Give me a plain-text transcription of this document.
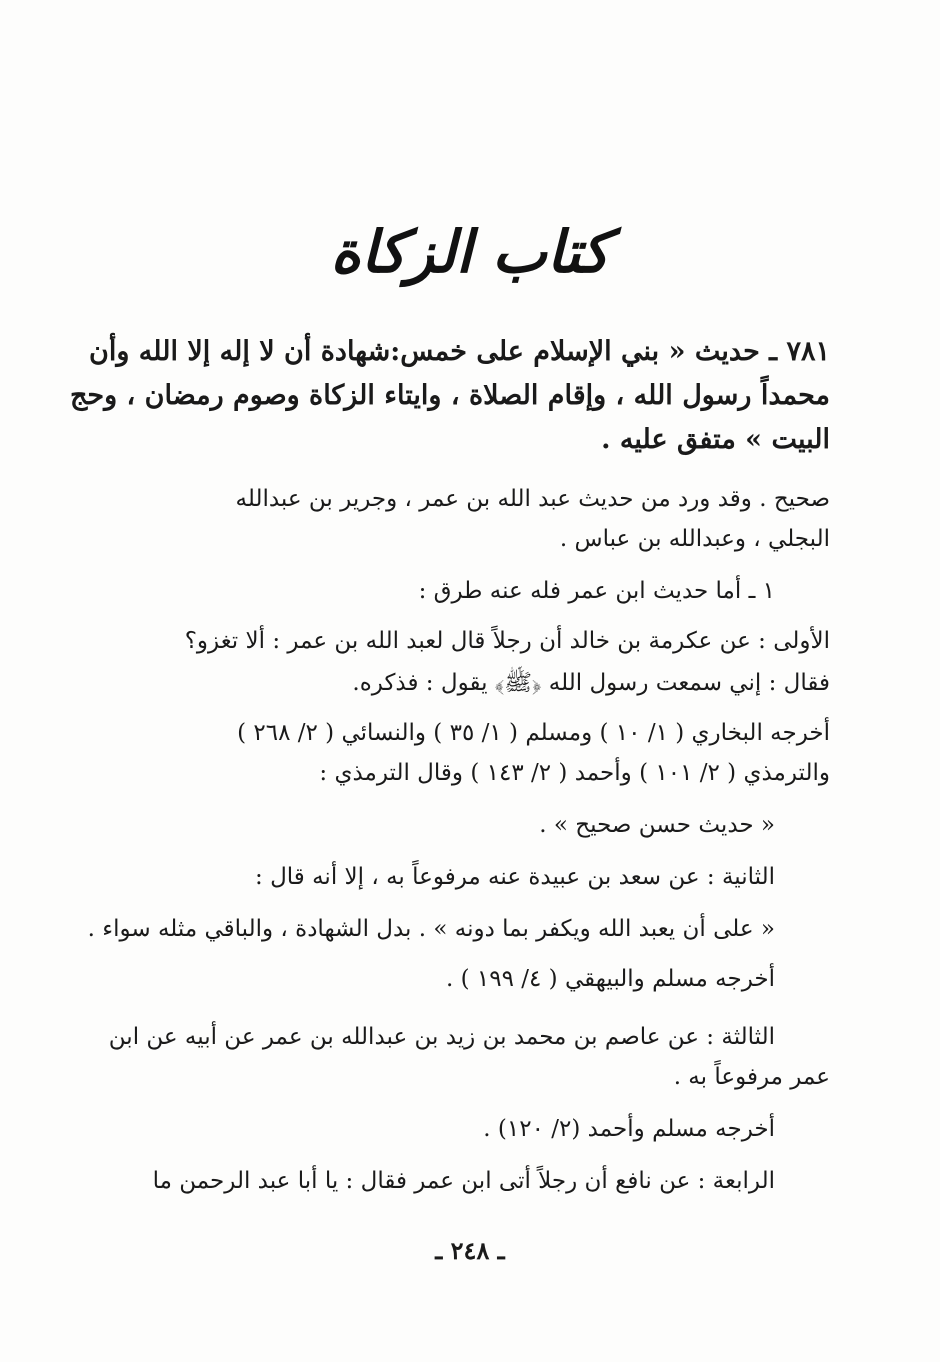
كتاب الزكاة
٧٨١ ـ حديث « بني الإسلام على خمس:شهادة أن لا إله إلا الله وأن
محمداً رسول الله ، وإقام الصلاة ، وايتاء الزكاة وصوم رمضان ، وحج
البيت » متفق عليه .
صحيح . وقد ورد من حديث عبد الله بن عمر ، وجرير بن عبدالله
البجلي ، وعبدالله بن عباس .
١ ـ أما حديث ابن عمر فله عنه طرق :
الأولى : عن عكرمة بن خالد أن رجلاً قال لعبد الله بن عمر : ألا تغزو؟
فقال : إني سمعت رسول الله ﴿ﷺ﴾ يقول : فذكره.
أخرجه البخاري ( ١/ ١٠ ) ومسلم ( ١/ ٣٥ ) والنسائي ( ٢/ ٢٦٨ )
والترمذي ( ٢/ ١٠١ ) وأحمد ( ٢/ ١٤٣ ) وقال الترمذي :
« حديث حسن صحيح » .
الثانية : عن سعد بن عبيدة عنه مرفوعاً به ، إلا أنه قال :
« على أن يعبد الله ويكفر بما دونه » . بدل الشهادة ، والباقي مثله سواء .
أخرجه مسلم والبيهقي ( ٤/ ١٩٩ ) .
الثالثة : عن عاصم بن محمد بن زيد بن عبدالله بن عمر عن أبيه عن ابن
عمر مرفوعاً به .
أخرجه مسلم وأحمد (٢/ ١٢٠) .
الرابعة : عن نافع أن رجلاً أتى ابن عمر فقال : يا أبا عبد الرحمن ما
ـ ٢٤٨ ـ
